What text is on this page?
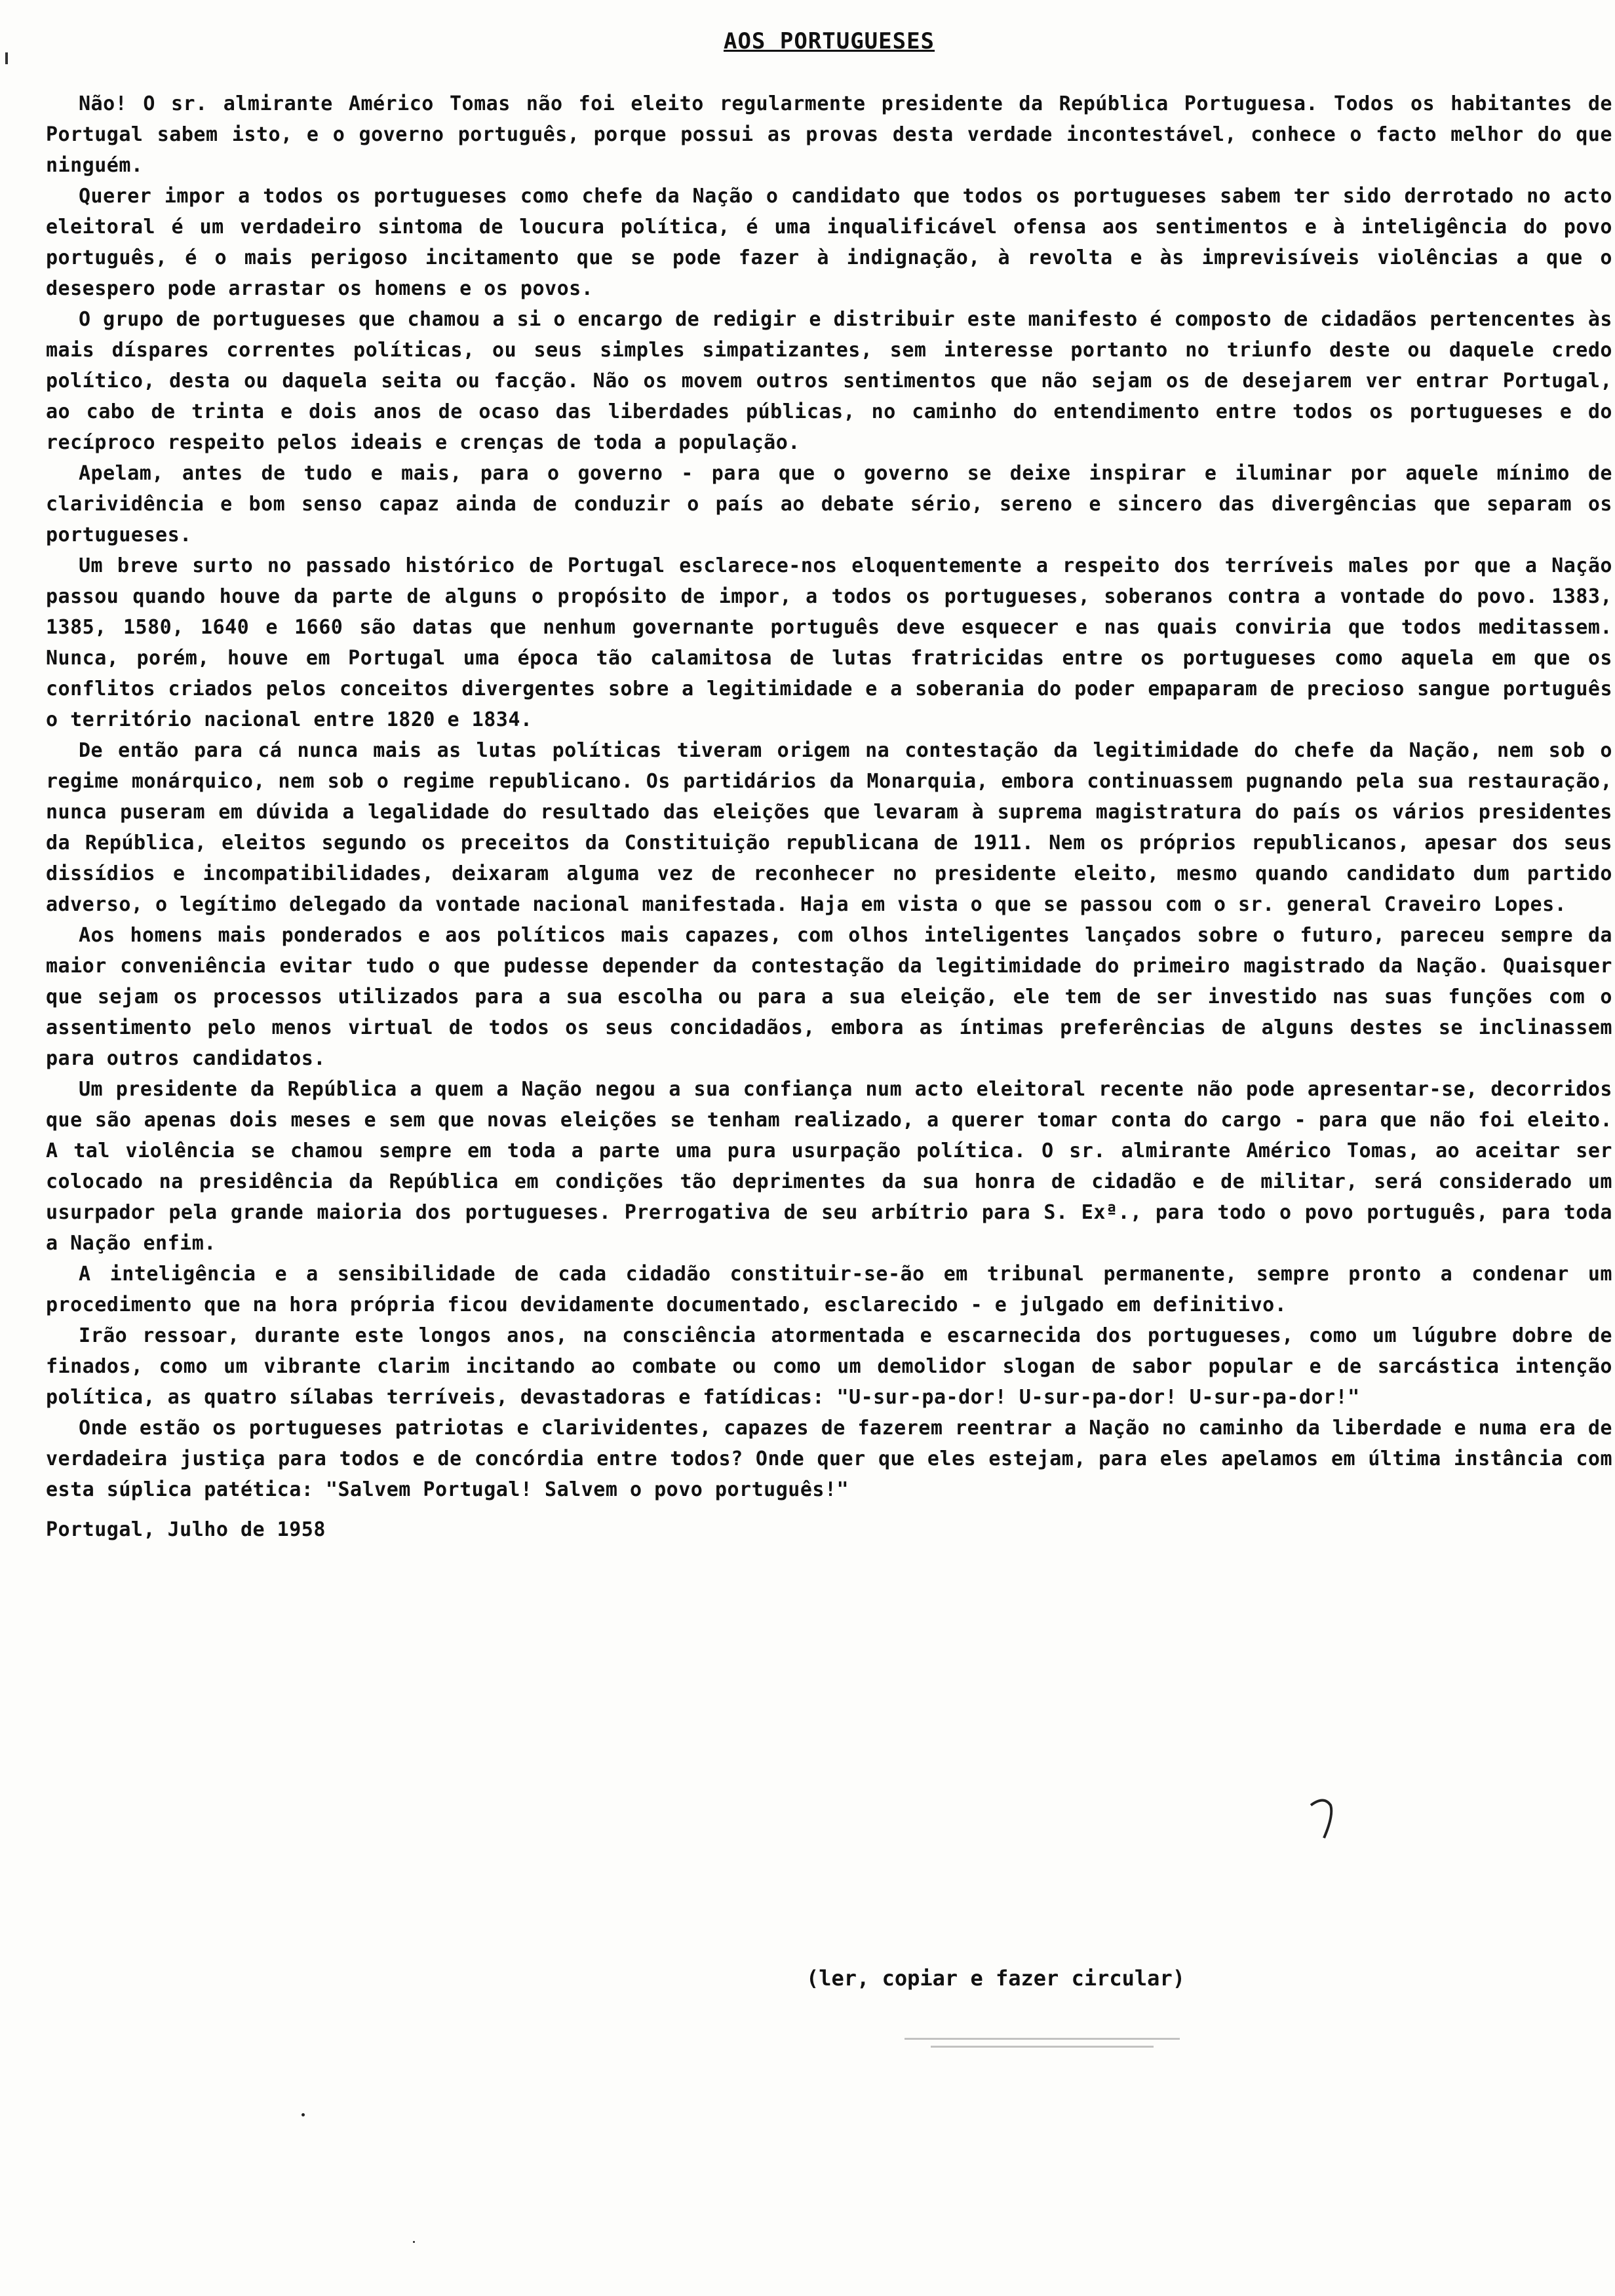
AOS PORTUGUESES
Não! O sr. almirante Américo Tomas não foi eleito regularmente presidente da República Portuguesa. Todos os habitantes de Portugal sabem isto, e o governo português, porque possui as provas desta verdade incontestável, conhece o facto melhor do que ninguém.
Querer impor a todos os portugueses como chefe da Nação o candidato que todos os portugueses sabem ter sido derrotado no acto eleitoral é um verdadeiro sintoma de loucura política, é uma inqualificável ofensa aos sentimentos e à inteligência do povo português, é o mais perigoso incitamento que se pode fazer à indignação, à revolta e às imprevisíveis violências a que o desespero pode arrastar os homens e os povos.
O grupo de portugueses que chamou a si o encargo de redigir e distribuir este manifesto é composto de cidadãos pertencentes às mais díspares correntes políticas, ou seus simples simpatizantes, sem interesse portanto no triunfo deste ou daquele credo político, desta ou daquela seita ou facção. Não os movem outros sentimentos que não sejam os de desejarem ver entrar Portugal, ao cabo de trinta e dois anos de ocaso das liberdades públicas, no caminho do entendimento entre todos os portugueses e do recíproco respeito pelos ideais e crenças de toda a população.
Apelam, antes de tudo e mais, para o governo - para que o governo se deixe inspirar e iluminar por aquele mínimo de clarividência e bom senso capaz ainda de conduzir o país ao debate sério, sereno e sincero das divergências que separam os portugueses.
Um breve surto no passado histórico de Portugal esclarece-nos eloquentemente a respeito dos terríveis males por que a Nação passou quando houve da parte de alguns o propósito de impor, a todos os portugueses, soberanos contra a vontade do povo. 1383, 1385, 1580, 1640 e 1660 são datas que nenhum governante português deve esquecer e nas quais conviria que todos meditassem. Nunca, porém, houve em Portugal uma época tão calamitosa de lutas fratricidas entre os portugueses como aquela em que os conflitos criados pelos conceitos divergentes sobre a legitimidade e a soberania do poder empaparam de precioso sangue português o território nacional entre 1820 e 1834.
De então para cá nunca mais as lutas políticas tiveram origem na contestação da legitimidade do chefe da Nação, nem sob o regime monárquico, nem sob o regime republicano. Os partidários da Monarquia, embora continuassem pugnando pela sua restauração, nunca puseram em dúvida a legalidade do resultado das eleições que levaram à suprema magistratura do país os vários presidentes da República, eleitos segundo os preceitos da Constituição republicana de 1911. Nem os próprios republicanos, apesar dos seus dissídios e incompatibilidades, deixaram alguma vez de reconhecer no presidente eleito, mesmo quando candidato dum partido adverso, o legítimo delegado da vontade nacional manifestada. Haja em vista o que se passou com o sr. general Craveiro Lopes.
Aos homens mais ponderados e aos políticos mais capazes, com olhos inteligentes lançados sobre o futuro, pareceu sempre da maior conveniência evitar tudo o que pudesse depender da contestação da legitimidade do primeiro magistrado da Nação. Quaisquer que sejam os processos utilizados para a sua escolha ou para a sua eleição, ele tem de ser investido nas suas funções com o assentimento pelo menos virtual de todos os seus concidadãos, embora as íntimas preferências de alguns destes se inclinassem para outros candidatos.
Um presidente da República a quem a Nação negou a sua confiança num acto eleitoral recente não pode apresentar-se, decorridos que são apenas dois meses e sem que novas eleições se tenham realizado, a querer tomar conta do cargo - para que não foi eleito. A tal violência se chamou sempre em toda a parte uma pura usurpação política. O sr. almirante Américo Tomas, ao aceitar ser colocado na presidência da República em condições tão deprimentes da sua honra de cidadão e de militar, será considerado um usurpador pela grande maioria dos portugueses. Prerrogativa de seu arbítrio para S. Exª., para todo o povo português, para toda a Nação enfim.
A inteligência e a sensibilidade de cada cidadão constituir-se-ão em tribunal permanente, sempre pronto a condenar um procedimento que na hora própria ficou devidamente documentado, esclarecido - e julgado em definitivo.
Irão ressoar, durante este longos anos, na consciência atormentada e escarnecida dos portugueses, como um lúgubre dobre de finados, como um vibrante clarim incitando ao combate ou como um demolidor slogan de sabor popular e de sarcástica intenção política, as quatro sílabas terríveis, devastadoras e fatídicas: "U-sur-pa-dor! U-sur-pa-dor! U-sur-pa-dor!"
Onde estão os portugueses patriotas e clarividentes, capazes de fazerem reentrar a Nação no caminho da liberdade e numa era de verdadeira justiça para todos e de concórdia entre todos? Onde quer que eles estejam, para eles apelamos em última instância com esta súplica patética: "Salvem Portugal! Salvem o povo português!"
Portugal, Julho de 1958
(ler, copiar e fazer circular)
